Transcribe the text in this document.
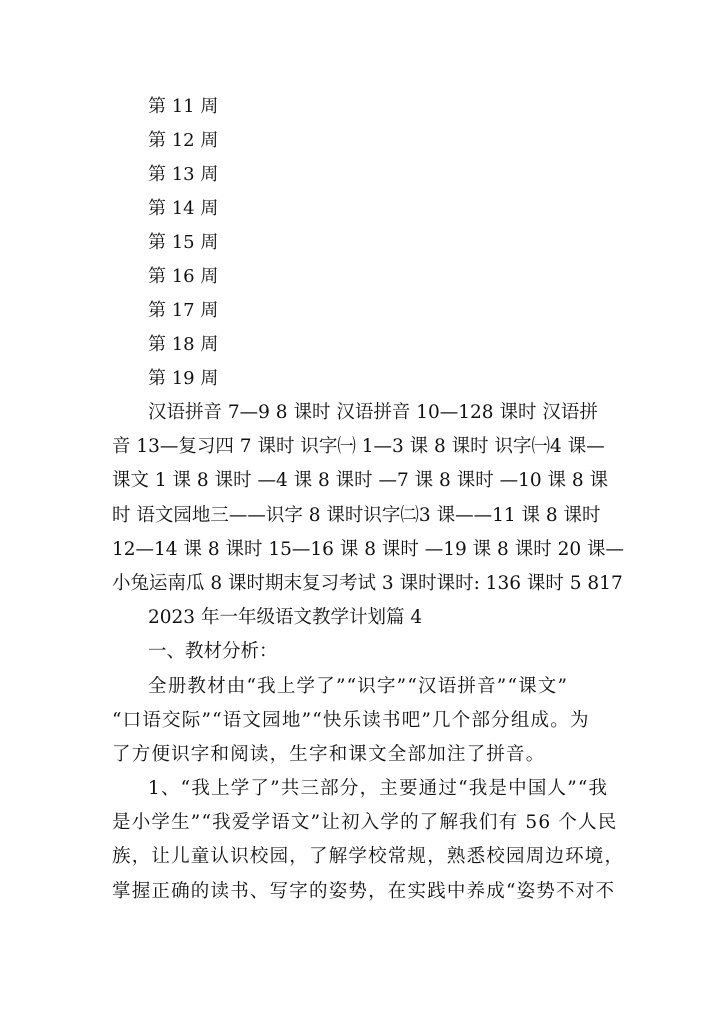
第 11 周
第 12 周
第 13 周
第 14 周
第 15 周
第 16 周
第 17 周
第 18 周
第 19 周
汉语拼音 7—9 8 课时 汉语拼音 10—128 课时 汉语拼
音 13—复习四 7 课时 识字㈠ 1—3 课 8 课时 识字㈠4 课—
课文 1 课 8 课时 —4 课 8 课时 —7 课 8 课时 —10 课 8 课
时 语文园地三——识字 8 课时识字㈡3 课——11 课 8 课时
12—14 课 8 课时 15—16 课 8 课时 —19 课 8 课时 20 课—
小兔运南瓜 8 课时期末复习考试 3 课时课时: 136 课时 5 817
2023 年一年级语文教学计划篇 4
一、教材分析：
全册教材由“我上学了”“识字”“汉语拼音”“课文”
“口语交际”“语文园地”“快乐读书吧”几个部分组成。为
了方便识字和阅读，生字和课文全部加注了拼音。
1、“我上学了”共三部分，主要通过“我是中国人”“我
是小学生”“我爱学语文”让初入学的了解我们有 56 个人民
族，让儿童认识校园，了解学校常规，熟悉校园周边环境，
掌握正确的读书、写字的姿势，在实践中养成“姿势不对不
